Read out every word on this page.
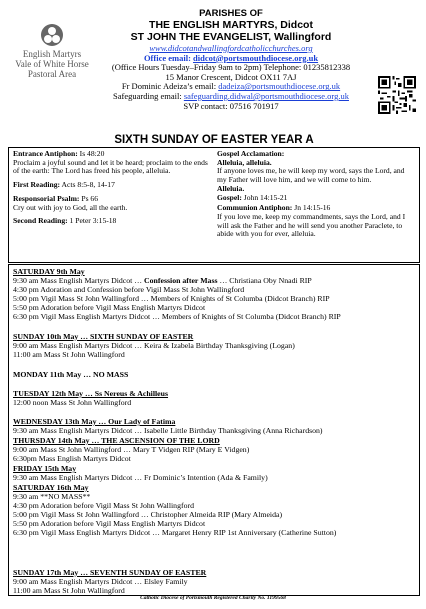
English Martyrs
Vale of White Horse
Pastoral Area
PARISHES OF
THE ENGLISH MARTYRS, Didcot
ST JOHN THE EVANGELIST, Wallingford
www.didcotandwallingfordcatholicchurches.org
Office email: didcot@portsmouthdiocese.org.uk
(Office Hours Tuesday–Friday 9am to 2pm) Telephone: 01235812338
15 Manor Crescent, Didcot OX11 7AJ
Fr Dominic Adeiza’s email: dadeiza@portsmouthdiocese.org.uk
Safeguarding email: safeguarding.didwal@portsmouthdiocese.org.uk
SVP contact: 07516 701917
SIXTH SUNDAY OF EASTER YEAR A
Entrance Antiphon: Is 48:20
Proclaim a joyful sound and let it be heard; proclaim to the ends of the earth: The Lord has freed his people, alleluia.
First Reading: Acts 8:5-8, 14-17
Responsorial Psalm: Ps 66
Cry out with joy to God, all the earth.
Second Reading: 1 Peter 3:15-18
Gospel Acclamation:
Alleluia, alleluia.
If anyone loves me, he will keep my word, says the Lord, and my Father will love him, and we will come to him.
Alleluia.
Gospel: John 14:15-21
Communion Antiphon: Jn 14:15-16
If you love me, keep my commandments, says the Lord, and I will ask the Father and he will send you another Paraclete, to abide with you for ever, alleluia.
SATURDAY 9th May
9:30 am Mass English Martyrs Didcot … Confession after Mass … Christiana Oby Nnadi RIP
4:30 pm Adoration and Confession before Vigil Mass St John Wallingford
5:00 pm Vigil Mass St John Wallingford … Members of Knights of St Columba (Didcot Branch) RIP
5:50 pm Adoration before Vigil Mass English Martyrs Didcot
6:30 pm Vigil Mass English Martyrs Didcot … Members of Knights of St Columba (Didcot Branch) RIP
SUNDAY 10th May … SIXTH SUNDAY OF EASTER
9:00 am Mass English Martyrs Didcot … Keira & Izabela Birthday Thanksgiving (Logan)
11:00 am Mass St John Wallingford
MONDAY 11th May … NO MASS
TUESDAY 12th May … Ss Nereus & Achilleus
12:00 noon Mass St John Wallingford
WEDNESDAY 13th May … Our Lady of Fatima
9:30 am Mass English Martyrs Didcot … Isabelle Little Birthday Thanksgiving (Anna Richardson)
THURSDAY 14th May … THE ASCENSION OF THE LORD
9:00 am Mass St John Wallingford … Mary T Vidgen RIP (Mary E Vidgen)
6:30pm Mass English Martyrs Didcot
FRIDAY 15th May
9:30 am Mass English Martyrs Didcot … Fr Dominic’s Intention (Ada & Family)
SATURDAY 16th May
9:30 am **NO MASS**
4:30 pm Adoration before Vigil Mass St John Wallingford
5:00 pm Vigil Mass St John Wallingford … Christopher Almeida RIP (Mary Almeida)
5:50 pm Adoration before Vigil Mass English Martyrs Didcot
6:30 pm Vigil Mass English Martyrs Didcot … Margaret Henry RIP 1st Anniversary (Catherine Sutton)
SUNDAY 17th May … SEVENTH SUNDAY OF EASTER
9:00 am Mass English Martyrs Didcot … Elsley Family
11:00 am Mass St John Wallingford
Catholic Diocese of Portsmouth Registered Charity No. 1199568
